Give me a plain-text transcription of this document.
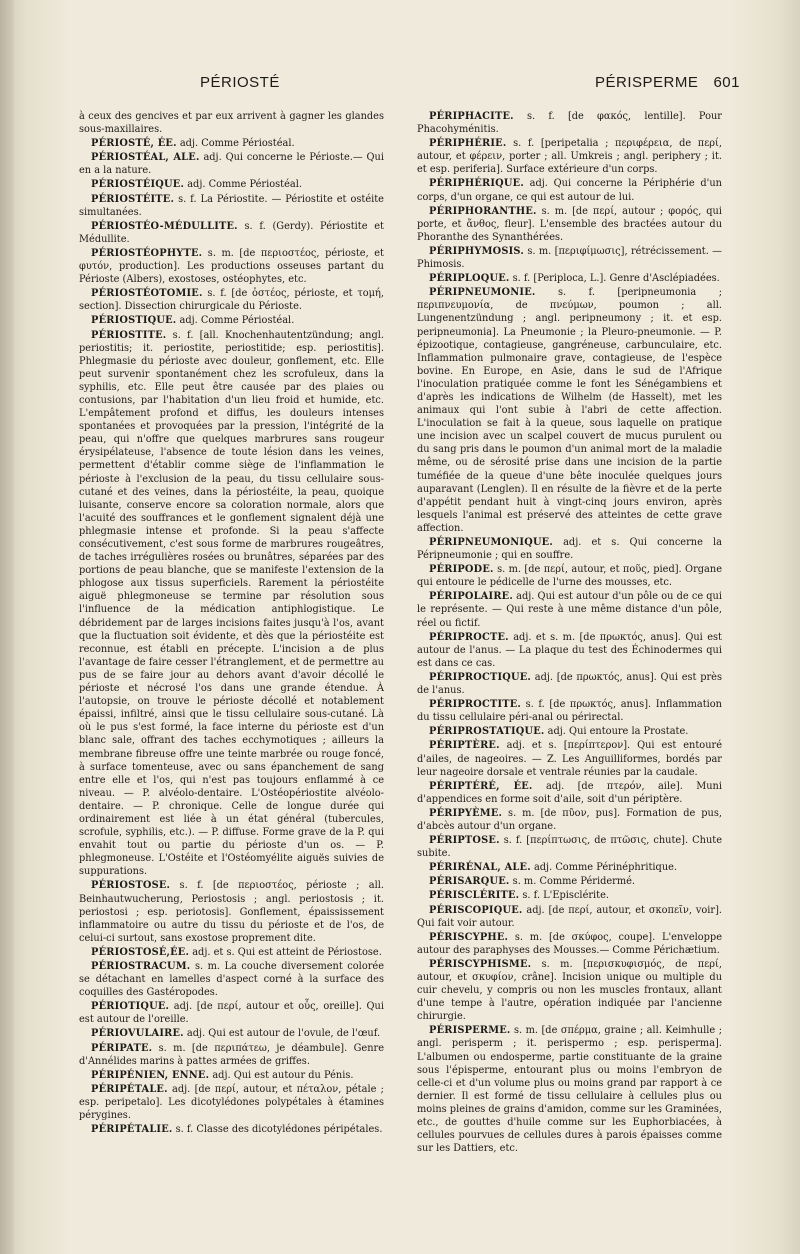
PÉRIOSTÉ	PÉRISPERME 601

à ceux des gencives et par eux arrivent à gagner les glandes sous-maxillaires.

PÉRIOSTÉ, ÉE. adj. Comme Périostéal.

PÉRIOSTÉAL, ALE. adj. Qui concerne le Périoste.— Qui en a la nature.

PÉRIOSTÉIQUE. adj. Comme Périostéal.

PÉRIOSTÉITE. s. f. La Périostite. — Périostite et ostéite simultanées.

PÉRIOSTÉO-MÉDULLITE. s. f. (Gerdy). Périostite et Médullite.

PÉRIOSTÉOPHYTE. s. m. [de περιοστέος, périoste, et φυτόν, production]. Les productions osseuses partant du Périoste (Albers), exostoses, ostéophytes, etc.

PÉRIOSTÉOTOMIE. s. f. [de ὀστέος, périoste, et τομή, section]. Dissection chirurgicale du Périoste.

PÉRIOSTIQUE. adj. Comme Périostéal.

PÉRIOSTITE. s. f. [all. Knochenhautentzündung; angl. periostitis; it. periostite, periostitide; esp. periostitis]. Phlegmasie du périoste avec douleur, gonflement, etc. Elle peut survenir spontanément chez les scrofuleux, dans la syphilis, etc. Elle peut être causée par des plaies ou contusions, par l'habitation d'un lieu froid et humide, etc. L'empâtement profond et diffus, les douleurs intenses spontanées et provoquées par la pression, l'intégrité de la peau, qui n'offre que quelques marbrures sans rougeur érysipélateuse, l'absence de toute lésion dans les veines, permettent d'établir comme siège de l'inflammation le périoste à l'exclusion de la peau, du tissu cellulaire sous-cutané et des veines, dans la périostéite, la peau, quoique luisante, conserve encore sa coloration normale, alors que l'acuité des souffrances et le gonflement signalent déjà une phlegmasie intense et profonde. Si la peau s'affecte consécutivement, c'est sous forme de marbrures rougeâtres, de taches irrégulières rosées ou brunâtres, séparées par des portions de peau blanche, que se manifeste l'extension de la phlogose aux tissus superficiels. Rarement la périostéite aiguë phlegmoneuse se termine par résolution sous l'influence de la médication antiphlogistique. Le débridement par de larges incisions faites jusqu'à l'os, avant que la fluctuation soit évidente, et dès que la périostéite est reconnue, est établi en précepte. L'incision a de plus l'avantage de faire cesser l'étranglement, et de permettre au pus de se faire jour au dehors avant d'avoir décollé le périoste et nécrosé l'os dans une grande étendue. À l'autopsie, on trouve le périoste décollé et notablement épaissi, infiltré, ainsi que le tissu cellulaire sous-cutané. Là où le pus s'est formé, la face interne du périoste est d'un blanc sale, offrant des taches ecchymotiques ; ailleurs la membrane fibreuse offre une teinte marbrée ou rouge foncé, à surface tomenteuse, avec ou sans épanchement de sang entre elle et l'os, qui n'est pas toujours enflammé à ce niveau. — P. alvéolo-dentaire. L'Ostéopériostite alvéolo-dentaire. — P. chronique. Celle de longue durée qui ordinairement est liée à un état général (tubercules, scrofule, syphilis, etc.). — P. diffuse. Forme grave de la P. qui envahit tout ou partie du périoste d'un os. — P. phlegmoneuse. L'Ostéite et l'Ostéomyélite aiguës suivies de suppurations.

PÉRIOSTOSE. s. f. [de περιοστέος, périoste ; all. Beinhautwucherung, Periostosis ; angl. periostosis ; it. periostosi ; esp. periotosis]. Gonflement, épaississement inflammatoire ou autre du tissu du périoste et de l'os, de celui-ci surtout, sans exostose proprement dite.

PÉRIOSTOSÉ,ÉE. adj. et s. Qui est atteint de Périostose.

PÉRIOSTRACUM. s. m. La couche diversement colorée se détachant en lamelles d'aspect corné à la surface des coquilles des Gastéropodes.

PÉRIOTIQUE. adj. [de περί, autour et οὖς, oreille]. Qui est autour de l'oreille.

PÉRIOVULAIRE. adj. Qui est autour de l'ovule, de l'œuf.

PÉRIPATE. s. m. [de περιπάτεω, je déambule]. Genre d'Annélides marins à pattes armées de griffes.

PÉRIPÉNIEN, ENNE. adj. Qui est autour du Pénis.

PÉRIPÉTALE. adj. [de περί, autour, et πέταλον, pétale ; esp. peripetalo]. Les dicotylédones polypétales à étamines pérygines.

PÉRIPÉTALIE. s. f. Classe des dicotylédones péripétales.

PÉRIPHACITE. s. f. [de φακός, lentille]. Pour Phacohyménitis.

PÉRIPHÉRIE. s. f. [peripetalia ; περιφέρεια, de περί, autour, et φέρειν, porter ; all. Umkreis ; angl. periphery ; it. et esp. periferia]. Surface extérieure d'un corps.

PÉRIPHÉRIQUE. adj. Qui concerne la Périphérie d'un corps, d'un organe, ce qui est autour de lui.

PÉRIPHORANTHE. s. m. [de περί, autour ; φορός, qui porte, et ἄνθος, fleur]. L'ensemble des bractées autour du Phoranthe des Synanthérées.

PÉRIPHYMOSIS. s. m. [περιφίμωσις], rétrécissement. — Phimosis.

PÉRIPLOQUE. s. f. [Periploca, L.]. Genre d'Asclépiadées.

PÉRIPNEUMONIE. s. f. [peripneumonia ; περιπνευμονία, de πνεύμων, poumon ; all. Lungenentzündung ; angl. peripneumony ; it. et esp. peripneumonia]. La Pneumonie ; la Pleuro-pneumonie. — P. épizootique, contagieuse, gangréneuse, carbunculaire, etc. Inflammation pulmonaire grave, contagieuse, de l'espèce bovine. En Europe, en Asie, dans le sud de l'Afrique l'inoculation pratiquée comme le font les Sénégambiens et d'après les indications de Wilhelm (de Hasselt), met les animaux qui l'ont subie à l'abri de cette affection. L'inoculation se fait à la queue, sous laquelle on pratique une incision avec un scalpel couvert de mucus purulent ou du sang pris dans le poumon d'un animal mort de la maladie même, ou de sérosité prise dans une incision de la partie tuméfiée de la queue d'une bête inoculée quelques jours auparavant (Lenglen). Il en résulte de la fièvre et de la perte d'appétit pendant huit à vingt-cinq jours environ, après lesquels l'animal est préservé des atteintes de cette grave affection.

PÉRIPNEUMONIQUE. adj. et s. Qui concerne la Péripneumonie ; qui en souffre.

PÉRIPODE. s. m. [de περί, autour, et ποῦς, pied]. Organe qui entoure le pédicelle de l'urne des mousses, etc.

PÉRIPOLAIRE. adj. Qui est autour d'un pôle ou de ce qui le représente. — Qui reste à une même distance d'un pôle, réel ou fictif.

PÉRIPROCTE. adj. et s. m. [de πρωκτός, anus]. Qui est autour de l'anus. — La plaque du test des Échinodermes qui est dans ce cas.

PÉRIPROCTIQUE. adj. [de πρωκτός, anus]. Qui est près de l'anus.

PÉRIPROCTITE. s. f. [de πρωκτός, anus]. Inflammation du tissu cellulaire péri-anal ou périrectal.

PÉRIPROSTATIQUE. adj. Qui entoure la Prostate.

PÉRIPTÈRE. adj. et s. [περίπτερον]. Qui est entouré d'ailes, de nageoires. — Z. Les Anguilliformes, bordés par leur nageoire dorsale et ventrale réunies par la caudale.

PÉRIPTÉRÉ, ÉE. adj. [de πτερόν, aile]. Muni d'appendices en forme soit d'aile, soit d'un périptère.

PÉRIPYÈME. s. m. [de πῦον, pus]. Formation de pus, d'abcès autour d'un organe.

PÉRIPTOSE. s. f. [περίπτωσις, de πτῶσις, chute]. Chute subite.

PÉRIRÉNAL, ALE. adj. Comme Périnéphritique.

PÉRISARQUE. s. m. Comme Péridermé.

PÉRISCLÉRITE. s. f. L'Episclérite.

PÉRISCOPIQUE. adj. [de περί, autour, et σκοπεῖν, voir]. Qui fait voir autour.

PÉRISCYPHE. s. m. [de σκύφος, coupe]. L'enveloppe autour des paraphyses des Mousses.— Comme Périchætium.

PÉRISCYPHISME. s. m. [περισκυφισμός, de περί, autour, et σκυφίον, crâne]. Incision unique ou multiple du cuir chevelu, y compris ou non les muscles frontaux, allant d'une tempe à l'autre, opération indiquée par l'ancienne chirurgie.

PÉRISPERME. s. m. [de σπέρμα, graine ; all. Keimhulle ; angl. perisperm ; it. perispermo ; esp. perisperma]. L'albumen ou endosperme, partie constituante de la graine sous l'épisperme, entourant plus ou moins l'embryon de celle-ci et d'un volume plus ou moins grand par rapport à ce dernier. Il est formé de tissu cellulaire à cellules plus ou moins pleines de grains d'amidon, comme sur les Graminées, etc., de gouttes d'huile comme sur les Euphorbiacées, à cellules pourvues de cellules dures à parois épaisses comme sur les Dattiers, etc.
